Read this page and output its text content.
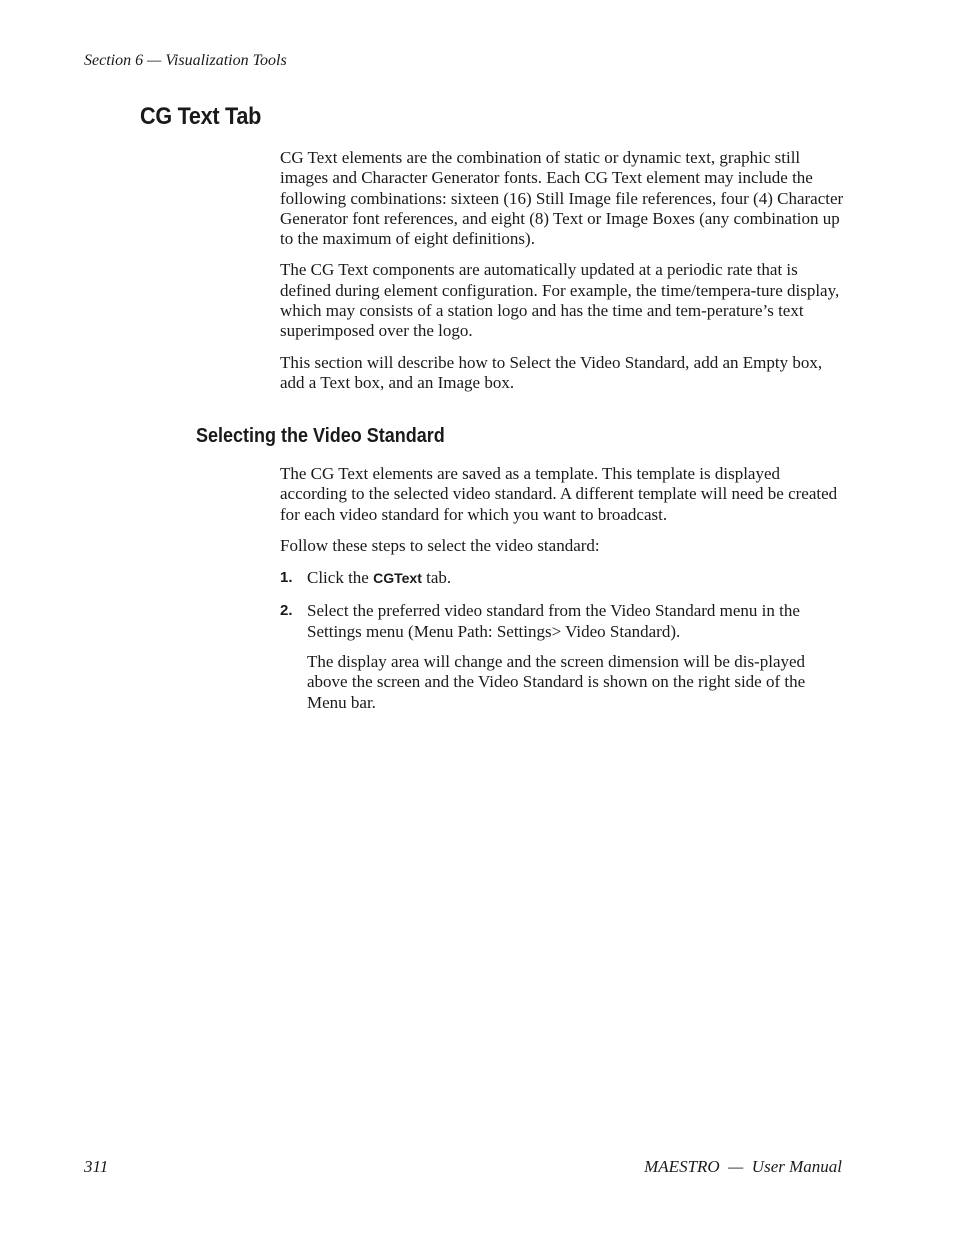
Section 6 — Visualization Tools

CG Text Tab

CG Text elements are the combination of static or dynamic text, graphic still images and Character Generator fonts. Each CG Text element may include the following combinations: sixteen (16) Still Image file references, four (4) Character Generator font references, and eight (8) Text or Image Boxes (any combination up to the maximum of eight definitions).

The CG Text components are automatically updated at a periodic rate that is defined during element configuration. For example, the time/tempera-ture display, which may consists of a station logo and has the time and tem-perature’s text superimposed over the logo.

This section will describe how to Select the Video Standard, add an Empty box, add a Text box, and an Image box.

Selecting the Video Standard

The CG Text elements are saved as a template. This template is displayed according to the selected video standard. A different template will need be created for each video standard for which you want to broadcast.

Follow these steps to select the video standard:

1. Click the CGText tab.

2. Select the preferred video standard from the Video Standard menu in the Settings menu (Menu Path: Settings> Video Standard).

The display area will change and the screen dimension will be dis-played above the screen and the Video Standard is shown on the right side of the Menu bar.

311	MAESTRO  —  User Manual
